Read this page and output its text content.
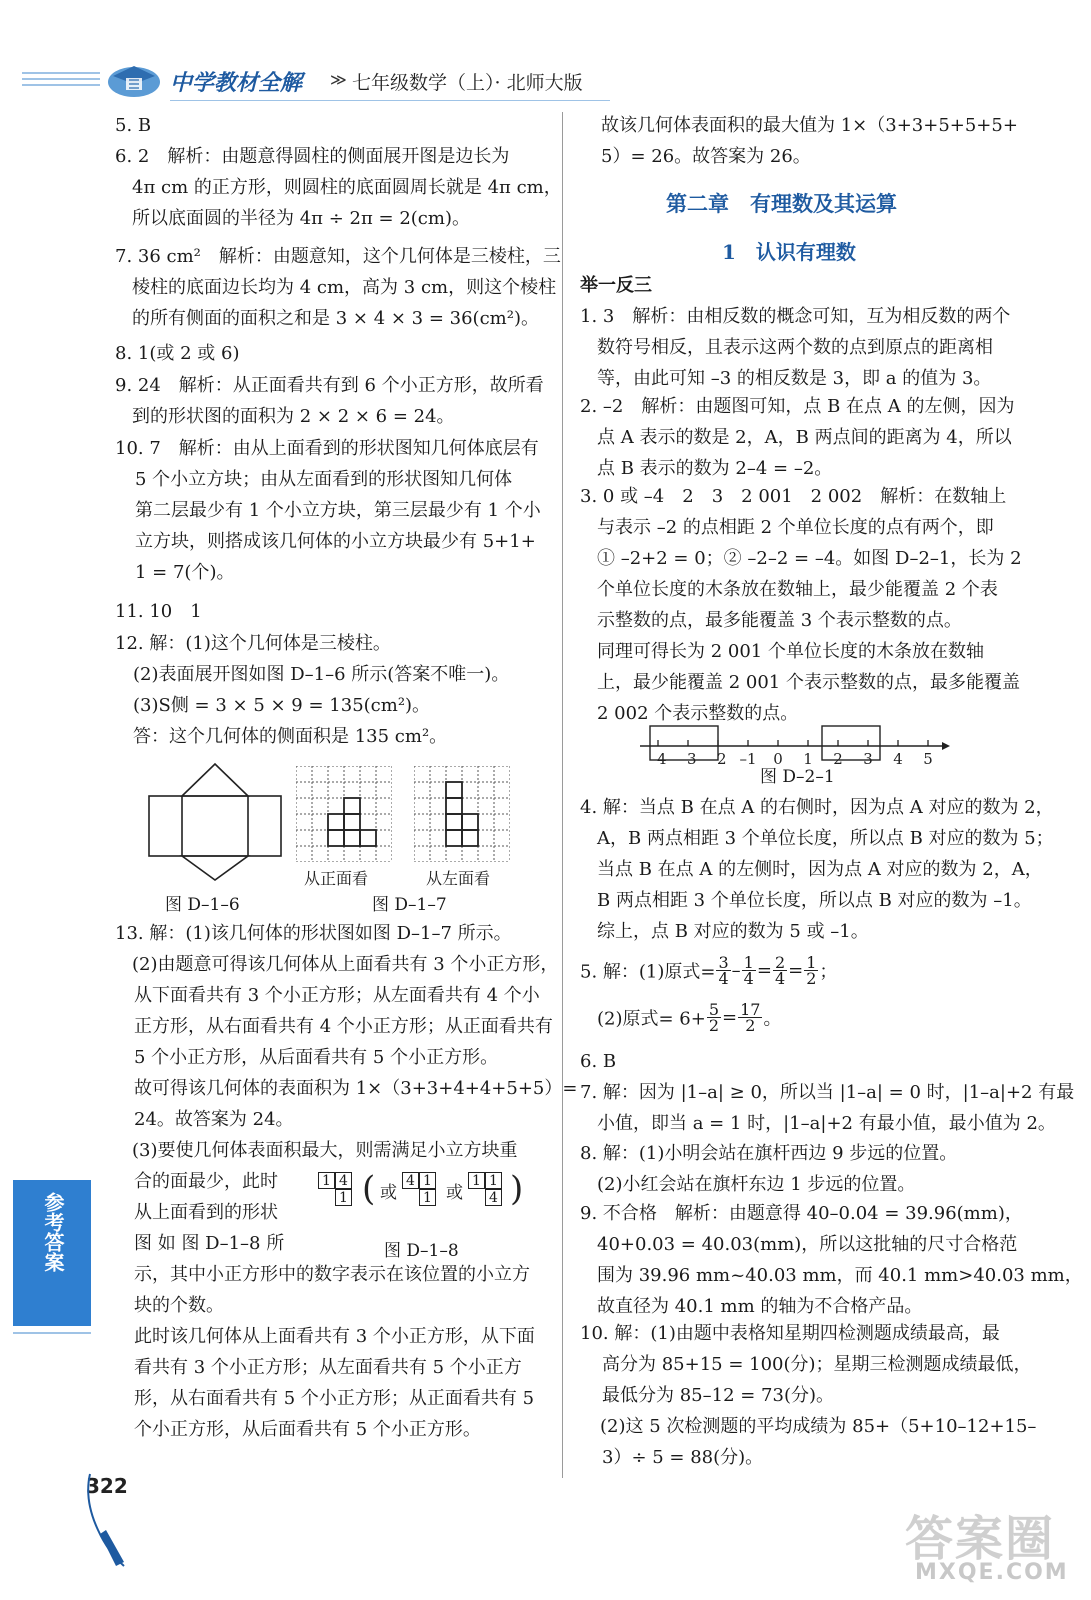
中学教材全解 ≫ 七年级数学（上）· 北师大版
5. B
6. 2　解析：由题意得圆柱的侧面展开图是边长为
4π cm 的正方形，则圆柱的底面圆周长就是 4π cm，
所以底面圆的半径为 4π ÷ 2π = 2(cm)。
7. 36 cm²　解析：由题意知，这个几何体是三棱柱，三
棱柱的底面边长均为 4 cm，高为 3 cm，则这个棱柱
的所有侧面的面积之和是 3 × 4 × 3 = 36(cm²)。
8. 1(或 2 或 6)
9. 24　解析：从正面看共有到 6 个小正方形，故所看
到的形状图的面积为 2 × 2 × 6 = 24。
10. 7　解析：由从上面看到的形状图知几何体底层有
5 个小立方块；由从左面看到的形状图知几何体
第二层最少有 1 个小立方块，第三层最少有 1 个小
立方块，则搭成该几何体的小立方块最少有 5+1+
1 = 7(个)。
11. 10　1
12. 解：(1)这个几何体是三棱柱。
(2)表面展开图如图 D–1–6 所示(答案不唯一)。
(3)S侧 = 3 × 5 × 9 = 135(cm²)。
答：这个几何体的侧面积是 135 cm²。
图 D–1–6
从正面看	从左面看
图 D–1–7
13. 解：(1)该几何体的形状图如图 D–1–7 所示。
(2)由题意可得该几何体从上面看共有 3 个小正方形，
从下面看共有 3 个小正方形；从左面看共有 4 个小
正方形，从右面看共有 4 个小正方形；从正面看共有
5 个小正方形，从后面看共有 5 个小正方形。
故可得该几何体的表面积为 1×（3+3+4+4+5+5）=
24。故答案为 24。
(3)要使几何体表面积最大，则需满足小立方块重
合的面最少，此时
从上面看到的形状
图 如 图 D–1–8 所
示，其中小正方形中的数字表示在该位置的小立方
块的个数。
此时该几何体从上面看共有 3 个小正方形，从下面
看共有 3 个小正方形；从左面看共有 5 个小正方
形，从右面看共有 5 个小正方形；从正面看共有 5
个小正方形，从后面看共有 5 个小正方形。
1 4
1 ( 或
4 1
1 或
1 1
4 )
图 D–1–8
参考答案
322
故该几何体表面积的最大值为 1×（3+3+5+5+5+
5）= 26。故答案为 26。
第二章　有理数及其运算
1　认识有理数
举一反三
1. 3　解析：由相反数的概念可知，互为相反数的两个
数符号相反，且表示这两个数的点到原点的距离相
等，由此可知 –3 的相反数是 3，即 a 的值为 3。
2. –2　解析：由题图可知，点 B 在点 A 的左侧，因为
点 A 表示的数是 2，A，B 两点间的距离为 4，所以
点 B 表示的数为 2–4 = –2。
3. 0 或 –4　2　3　2 001　2 002　解析：在数轴上
与表示 –2 的点相距 2 个单位长度的点有两个，即
① –2+2 = 0；② –2–2 = –4。如图 D–2–1，长为 2
个单位长度的木条放在数轴上，最少能覆盖 2 个表
示整数的点，最多能覆盖 3 个表示整数的点。
同理可得长为 2 001 个单位长度的木条放在数轴
上，最少能覆盖 2 001 个表示整数的点，最多能覆盖
2 002 个表示整数的点。
–4 –3 –2 –1 0 1 2 3 4 5
图 D–2–1
4. 解：当点 B 在点 A 的右侧时，因为点 A 对应的数为 2，
A，B 两点相距 3 个单位长度，所以点 B 对应的数为 5；
当点 B 在点 A 的左侧时，因为点 A 对应的数为 2，A，
B 两点相距 3 个单位长度，所以点 B 对应的数为 –1。
综上，点 B 对应的数为 5 或 –1。
5. 解：(1)原式= $\frac{3}{4} - \frac{1}{4} = \frac{2}{4} = \frac{1}{2}$ ；
(2)原式= $6+ \frac{5}{2} = \frac{17}{2}$ 。
6. B
7. 解：因为 |1–a| ≥ 0，所以当 |1–a| = 0 时，|1–a|+2 有最
小值，即当 a = 1 时，|1–a|+2 有最小值，最小值为 2。
8. 解：(1)小明会站在旗杆西边 9 步远的位置。
(2)小红会站在旗杆东边 1 步远的位置。
9. 不合格　解析：由题意得 40–0.04 = 39.96(mm)，
40+0.03 = 40.03(mm)，所以这批轴的尺寸合格范
围为 39.96 mm~40.03 mm，而 40.1 mm>40.03 mm，
故直径为 40.1 mm 的轴为不合格产品。
10. 解：(1)由题中表格知星期四检测题成绩最高，最
高分为 85+15 = 100(分)；星期三检测题成绩最低，
最低分为 85–12 = 73(分)。
(2)这 5 次检测题的平均成绩为 85+（5+10–12+15–
3）÷ 5 = 88(分)。
答案圈
MXQE.COM
